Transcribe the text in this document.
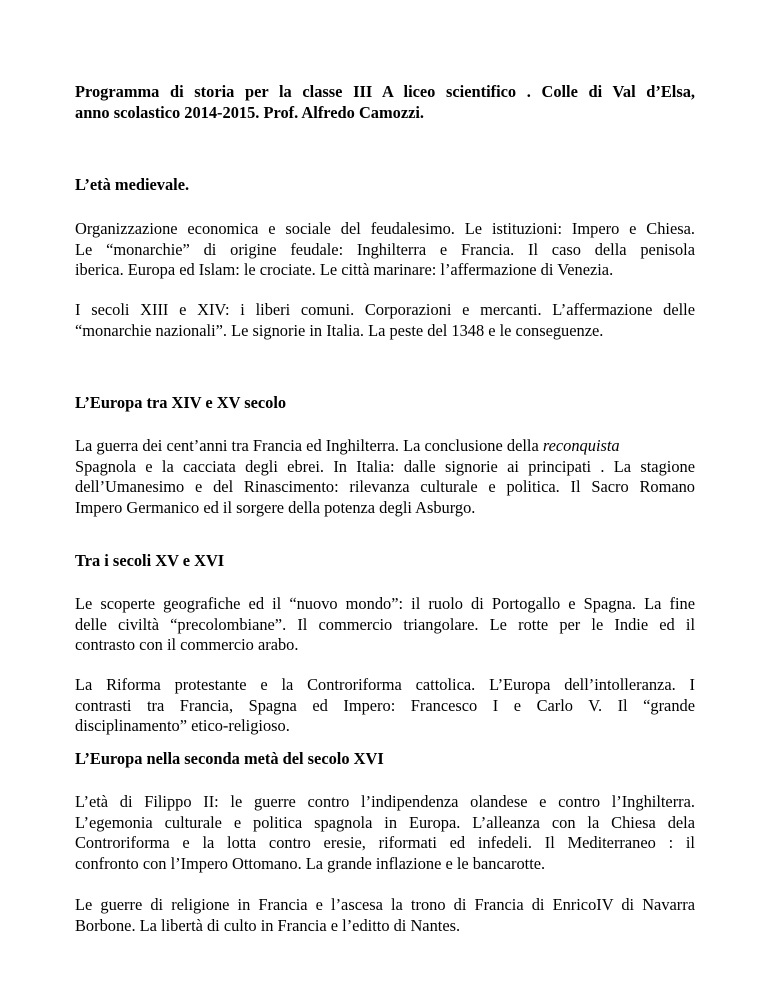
Programma di storia per la classe III A liceo scientifico . Colle di Val d’Elsa,
anno scolastico 2014-2015. Prof. Alfredo Camozzi.
L’età medievale.
Organizzazione economica e sociale del feudalesimo. Le istituzioni: Impero e Chiesa.
Le “monarchie” di origine feudale: Inghilterra e Francia. Il caso della penisola
iberica. Europa ed Islam: le crociate. Le città marinare: l’affermazione di Venezia.
I secoli XIII e XIV: i liberi comuni. Corporazioni e mercanti. L’affermazione delle
“monarchie nazionali”. Le signorie in Italia. La peste del 1348 e le conseguenze.
L’Europa tra XIV e XV secolo
La guerra dei cent’anni tra Francia ed Inghilterra. La conclusione della reconquista
Spagnola e la cacciata degli ebrei. In Italia: dalle signorie ai principati . La stagione
dell’Umanesimo e del Rinascimento: rilevanza culturale e politica. Il Sacro Romano
Impero Germanico ed il sorgere della potenza degli Asburgo.
Tra i secoli XV e XVI
Le scoperte geografiche ed il “nuovo mondo”: il ruolo di Portogallo e Spagna. La fine
delle civiltà “precolombiane”. Il commercio triangolare. Le rotte per le Indie ed il
contrasto con il commercio arabo.
La Riforma protestante e la Controriforma cattolica. L’Europa dell’intolleranza. I
contrasti tra Francia, Spagna ed Impero: Francesco I e Carlo V. Il “grande
disciplinamento” etico-religioso.
L’Europa nella seconda metà del secolo XVI
L’età di Filippo II: le guerre contro l’indipendenza olandese e contro l’Inghilterra.
L’egemonia culturale e politica spagnola in Europa. L’alleanza con la Chiesa dela
Controriforma e la lotta contro eresie, riformati ed infedeli. Il Mediterraneo : il
confronto con l’Impero Ottomano. La grande inflazione e le bancarotte.
Le guerre di religione in Francia e l’ascesa la trono di Francia di EnricoIV di Navarra
Borbone. La libertà di culto in Francia e l’editto di Nantes.
